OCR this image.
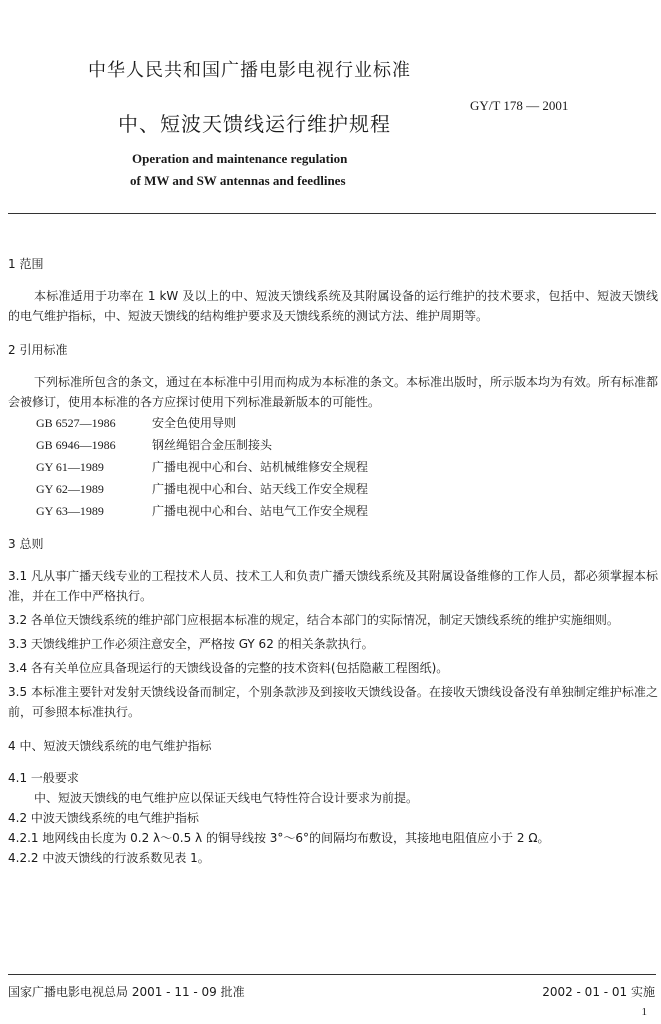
中华人民共和国广播电影电视行业标准
GY/T 178 — 2001
中、短波天馈线运行维护规程
Operation and maintenance regulation
of MW and SW antennas and feedlines

1 范围

本标准适用于功率在 1 kW 及以上的中、短波天馈线系统及其附属设备的运行维护的技术要求，包括中、短波天馈线的电气维护指标，中、短波天馈线的结构维护要求及天馈线系统的测试方法、维护周期等。

2 引用标准

下列标准所包含的条文，通过在本标准中引用而构成为本标准的条文。本标准出版时，所示版本均为有效。所有标准都会被修订，使用本标准的各方应探讨使用下列标准最新版本的可能性。

GB 6527—1986	安全色使用导则

GB 6946—1986	钢丝绳铝合金压制接头

GY 61—1989	广播电视中心和台、站机械维修安全规程

GY 62—1989	广播电视中心和台、站天线工作安全规程

GY 63—1989	广播电视中心和台、站电气工作安全规程

3 总则

3.1 凡从事广播天线专业的工程技术人员、技术工人和负责广播天馈线系统及其附属设备维修的工作人员，都必须掌握本标准，并在工作中严格执行。

3.2 各单位天馈线系统的维护部门应根据本标准的规定，结合本部门的实际情况，制定天馈线系统的维护实施细则。

3.3 天馈线维护工作必须注意安全，严格按 GY 62 的相关条款执行。

3.4 各有关单位应具备现运行的天馈线设备的完整的技术资料(包括隐蔽工程图纸)。

3.5 本标准主要针对发射天馈线设备而制定，个别条款涉及到接收天馈线设备。在接收天馈线设备没有单独制定维护标准之前，可参照本标准执行。

4 中、短波天馈线系统的电气维护指标

4.1 一般要求

中、短波天馈线的电气维护应以保证天线电气特性符合设计要求为前提。

4.2 中波天馈线系统的电气维护指标

4.2.1 地网线由长度为 0.2 λ～0.5 λ 的铜导线按 3°～6°的间隔均布敷设，其接地电阻值应小于 2 Ω。

4.2.2 中波天馈线的行波系数见表 1。

国家广播电影电视总局 2001 - 11 - 09 批准	2002 - 01 - 01 实施
1
